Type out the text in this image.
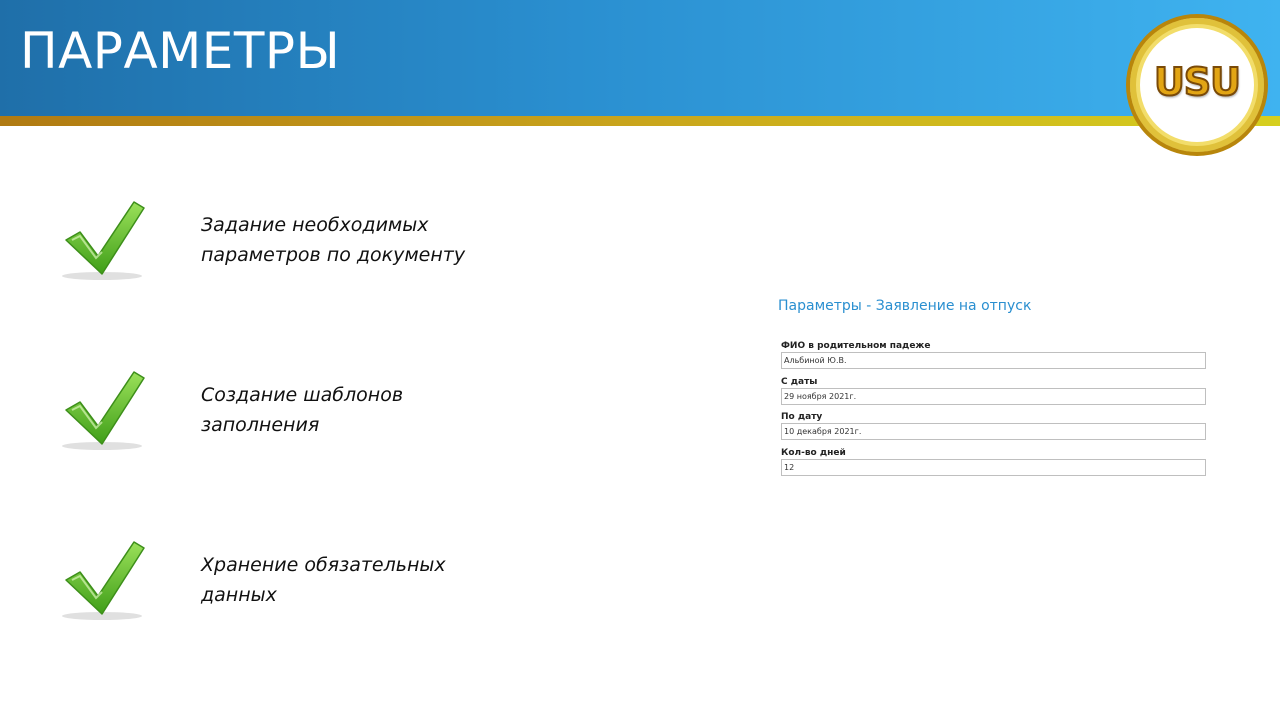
ПАРАМЕТРЫ
USU
Задание необходимых
параметров по документу
Создание шаблонов
заполнения
Хранение обязательных
данных
Параметры - Заявление на отпуск
ФИО в родительном падеже
Альбиной Ю.В.
С даты
29 ноября 2021г.
По дату
10 декабря 2021г.
Кол-во дней
12
